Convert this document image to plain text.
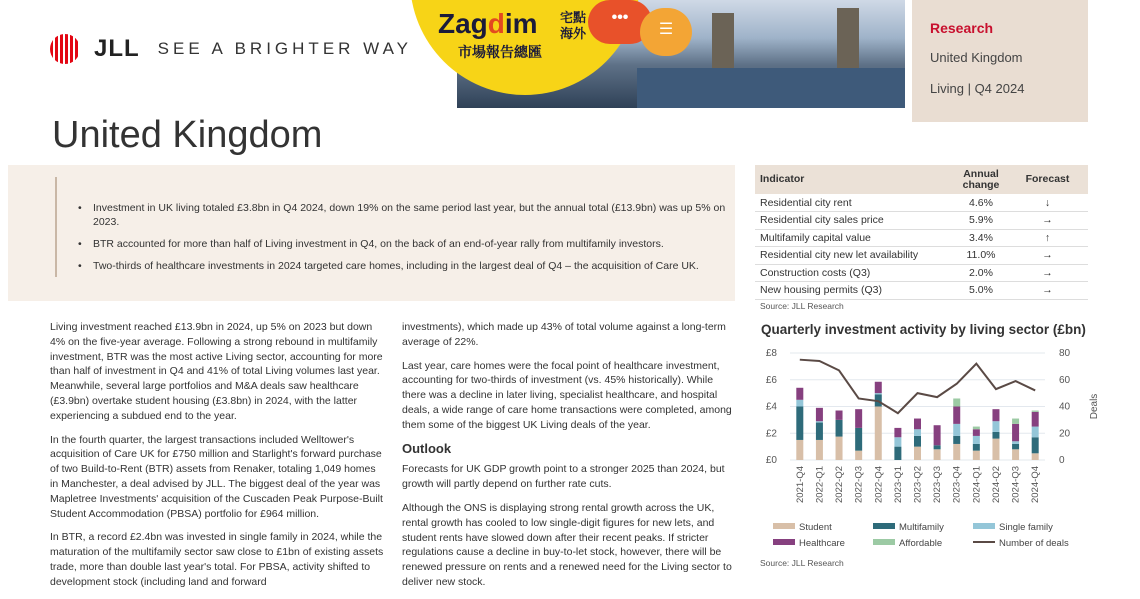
JLL SEE A BRIGHTER WAY
Zagdim
市場報告總匯
宅點海外
•••
☰	Research
United Kingdom
Living | Q4 2024
United Kingdom
• Investment in UK living totaled £3.8bn in Q4 2024, down 19% on the same period last year, but the annual total (£13.9bn) was up 5% on 2023.
• BTR accounted for more than half of Living investment in Q4, on the back of an end-of-year rally from multifamily investors.
• Two-thirds of healthcare investments in 2024 targeted care homes, including in the largest deal of Q4 – the acquisition of Care UK.

Living investment reached £13.9bn in 2024, up 5% on 2023 but down 4% on the five-year average. Following a strong rebound in multifamily investment, BTR was the most active Living sector, accounting for more than half of investment in Q4 and 41% of total Living volumes last year. Meanwhile, several large portfolios and M&A deals saw healthcare (£3.9bn) overtake student housing (£3.8bn) in 2024, with the latter experiencing a subdued end to the year.

In the fourth quarter, the largest transactions included Welltower's acquisition of Care UK for £750 million and Starlight's forward purchase of two Build-to-Rent (BTR) assets from Renaker, totaling 1,049 homes in Manchester, a deal advised by JLL. The biggest deal of the year was Mapletree Investments' acquisition of the Cuscaden Peak Purpose-Built Student Accommodation (PBSA) portfolio for £964 million.

In BTR, a record £2.4bn was invested in single family in 2024, while the maturation of the multifamily sector saw close to £1bn of existing assets trade, more than double last year's total. For PBSA, activity shifted to development stock (including land and forward

investments), which made up 43% of total volume against a long-term average of 22%.

Last year, care homes were the focal point of healthcare investment, accounting for two-thirds of investment (vs. 45% historically). While there was a decline in later living, specialist healthcare, and hospital deals, a wide range of care home transactions were completed, among them some of the biggest UK Living deals of the year.

Outlook

Forecasts for UK GDP growth point to a stronger 2025 than 2024, but growth will partly depend on further rate cuts.

Although the ONS is displaying strong rental growth across the UK, rental growth has cooled to low single-digit figures for new lets, and student rents have slowed down after their recent peaks. If stricter regulations cause a decline in buy-to-let stock, however, there will be renewed pressure on rents and a renewed need for the Living sector to deliver new stock.

Indicator	Annual change	Forecast
Residential city rent	4.6%	↓
Residential city sales price	5.9%	→
Multifamily capital value	3.4%	↑
Residential city new let availability	11.0%	→
Construction costs (Q3)	2.0%	→
New housing permits (Q3)	5.0%	→
Source: JLL Research
Quarterly investment activity by living sector (£bn)
£0
£2
£4
£6
£8
0
20
40
60
80
Deals
2021-Q4 2022-Q1 2022-Q2 2022-Q3 2022-Q4 2023-Q1 2023-Q2 2023-Q3 2023-Q4 2024-Q1 2024-Q2 2024-Q3 2024-Q4
Student	Multifamily	Single family
Healthcare	Affordable	Number of deals
Source: JLL Research
